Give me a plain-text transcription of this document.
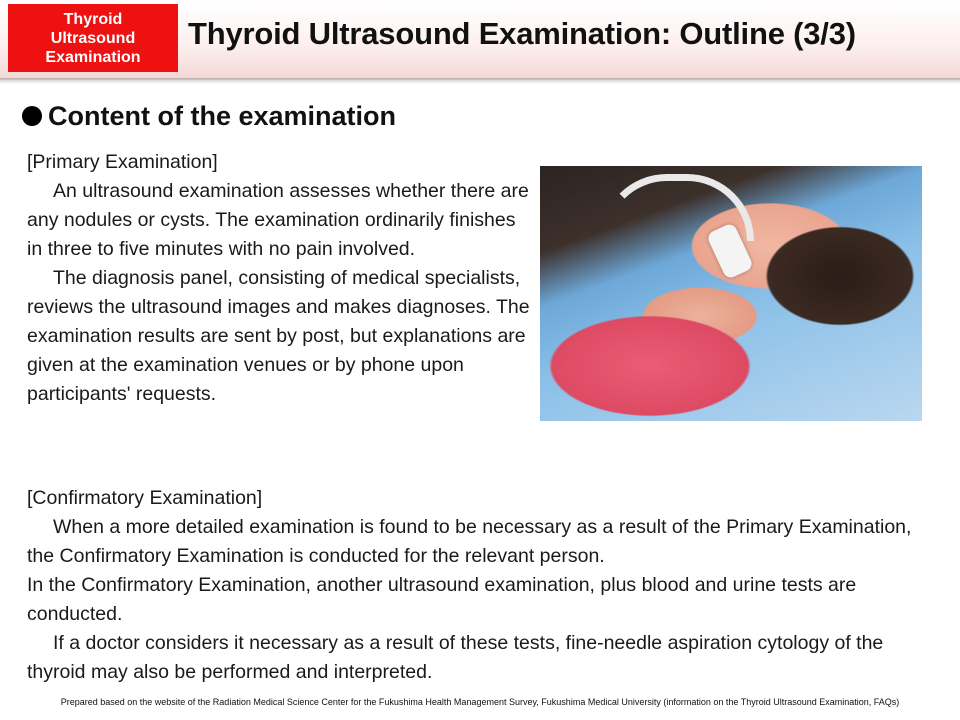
Thyroid
Ultrasound
Examination
Thyroid Ultrasound Examination: Outline (3/3)
Content of the examination

[Primary Examination]

An ultrasound examination assesses whether there are any nodules or cysts. The examination ordinarily finishes in three to five minutes with no pain involved.

The diagnosis panel, consisting of medical specialists, reviews the ultrasound images and makes diagnoses. The examination results are sent by post, but explanations are given at the examination venues or by phone upon participants' requests.

[Confirmatory Examination]

When a more detailed examination is found to be necessary as a result of the Primary Examination, the Confirmatory Examination is conducted for the relevant person.

In the Confirmatory Examination, another ultrasound examination, plus blood and urine tests are conducted.

If a doctor considers it necessary as a result of these tests, fine-needle aspiration cytology of the thyroid may also be performed and interpreted.

Prepared based on the website of the Radiation Medical Science Center for the Fukushima Health Management Survey, Fukushima Medical University (information on the Thyroid Ultrasound Examination, FAQs)
